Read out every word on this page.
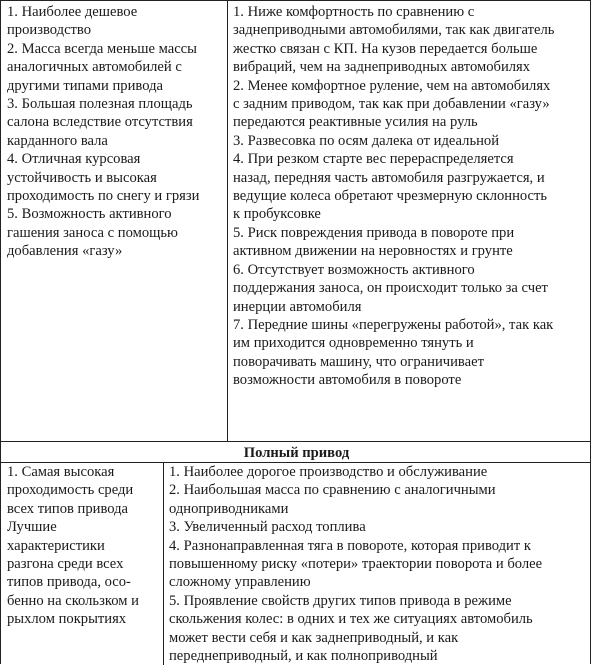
1. Наиболее дешевое
производство
2. Масса всегда меньше массы
аналогичных автомобилей с
другими типами привода
3. Большая полезная площадь
салона вследствие отсутствия
карданного вала
4. Отличная курсовая
устойчивость и высокая
проходимость по снегу и грязи
5. Возможность активного
гашения заноса с помощью
добавления «газу»
1. Ниже комфортность по сравнению с
заднеприводными автомобилями, так как двигатель
жестко связан с КП. На кузов передается больше
вибраций, чем на заднеприводных автомобилях
2. Менее комфортное руление, чем на автомобилях
с задним приводом, так как при добавлении «газу»
передаются реактивные усилия на руль
3. Развесовка по осям далека от идеальной
4. При резком старте вес перераспределяется
назад, передняя часть автомобиля разгружается, и
ведущие колеса обретают чрезмерную склонность
к пробуксовке
5. Риск повреждения привода в повороте при
активном движении на неровностях и грунте
6. Отсутствует возможность активного
поддержания заноса, он происходит только за счет
инерции автомобиля
7. Передние шины «перегружены работой», так как
им приходится одновременно тянуть и
поворачивать машину, что ограничивает
возможности автомобиля в повороте
Полный привод
1. Самая высокая
проходимость среди
всех типов привода
Лучшие
характеристики
разгона среди всех
типов привода, осо-
бенно на скользком и
рыхлом покрытиях
1. Наиболее дорогое производство и обслуживание
2. Наибольшая масса по сравнению с аналогичными
одноприводниками
3. Увеличенный расход топлива
4. Разнонаправленная тяга в повороте, которая приводит к
повышенному риску «потери» траектории поворота и более
сложному управлению
5. Проявление свойств других типов привода в режиме
скольжения колес: в одних и тех же ситуациях автомобиль
может вести себя и как заднеприводный, и как
переднеприводный, и как полноприводный
